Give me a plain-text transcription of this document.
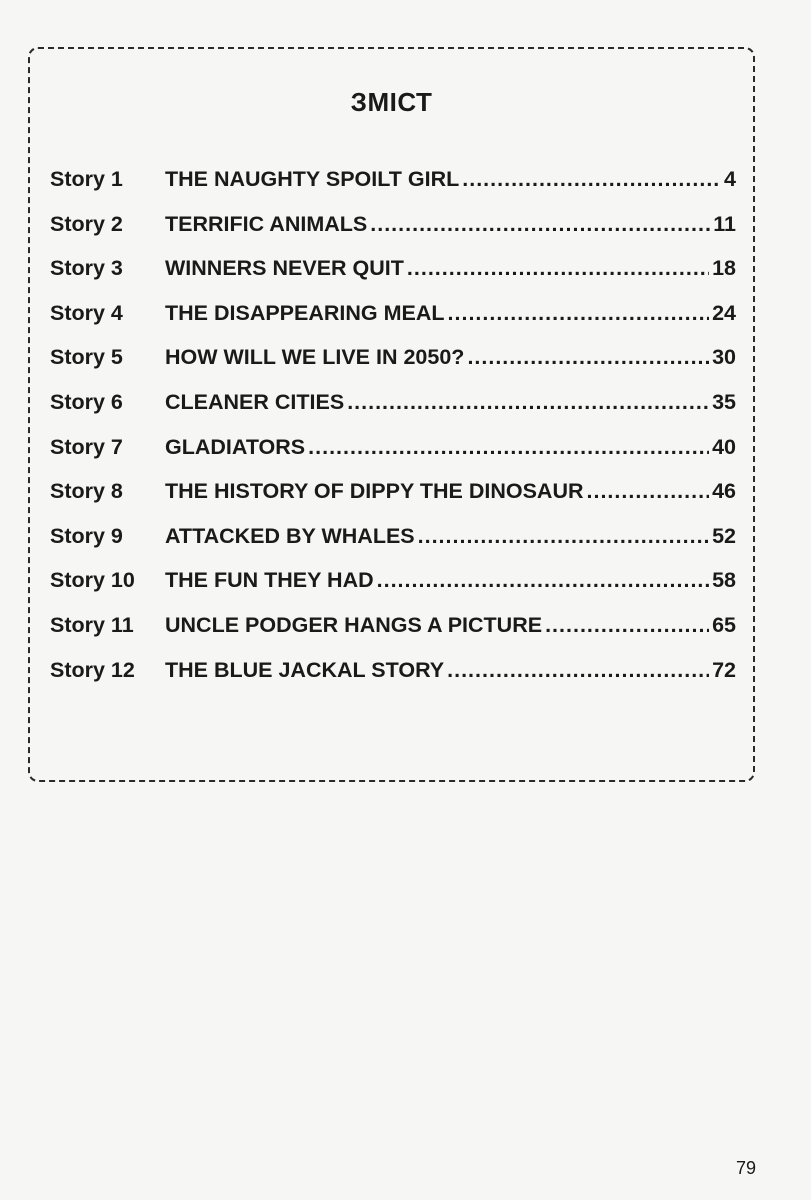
ЗМІСТ
Story 1	THE NAUGHTY SPOILT GIRL .....	4
Story 2	TERRIFIC ANIMALS .....	11
Story 3	WINNERS NEVER QUIT .....	18
Story 4	THE DISAPPEARING MEAL .....	24
Story 5	HOW WILL WE LIVE IN 2050? .....	30
Story 6	CLEANER CITIES .....	35
Story 7	GLADIATORS .....	40
Story 8	THE HISTORY OF DIPPY THE DINOSAUR .....	46
Story 9	ATTACKED BY WHALES .....	52
Story 10	THE FUN THEY HAD .....	58
Story 11	UNCLE PODGER HANGS A PICTURE .....	65
Story 12	THE BLUE JACKAL STORY .....	72
79
